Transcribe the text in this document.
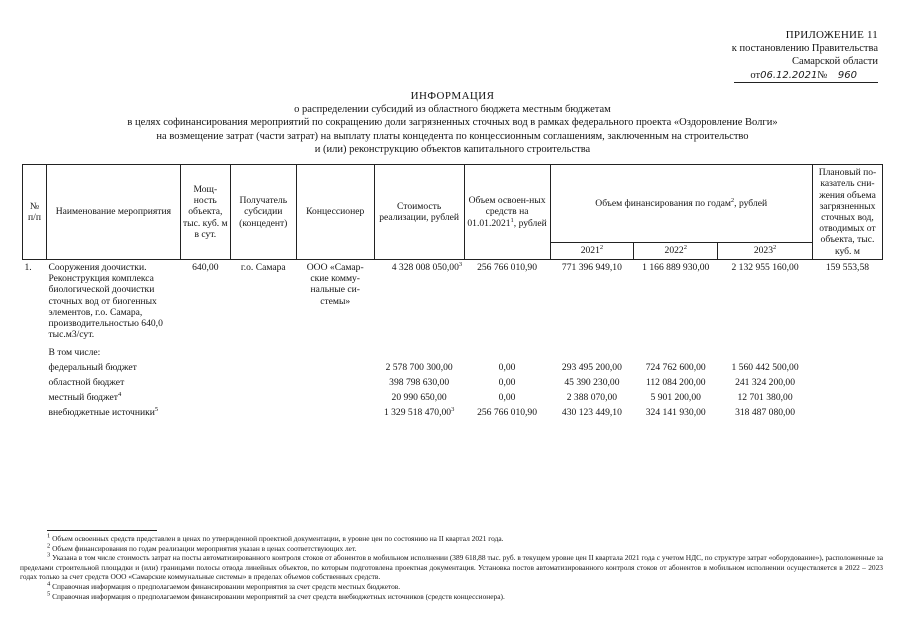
ПРИЛОЖЕНИЕ 11
к постановлению Правительства
Самарской области
от06.12.2021№ 960
ИНФОРМАЦИЯ
о распределении субсидий из областного бюджета местным бюджетам
в целях софинансирования мероприятий по сокращению доли загрязненных сточных вод в рамках федерального проекта «Оздоровление Волги»
на возмещение затрат (части затрат) на выплату платы концедента по концессионным соглашениям, заключенным на строительство
и (или) реконструкцию объектов капитального строительства
№ п/п	Наименование мероприятия	Мощ-ность объекта, тыс. куб. м в сут.	Получатель субсидии (концедент)	Концессионер	Стоимость реализации, рублей	Объем освоен-ных средств на 01.01.2021$^1$, рублей	Объем финансирования по годам$^2$, рублей			Плановый по-казатель сни-жения объема загрязненных сточных вод, отводимых от объекта, тыс. куб. м
							2021$^2$	2022$^2$	2023$^2$
1.	Сооружения доочистки. Реконструкция комплекса биологической доочистки сточных вод от биогенных элементов, г.о. Самара, производительностью 640,0 тыс.м3/сут.	640,00	г.о. Самара	ООО «Самар-ские комму-нальные си-стемы»	4 328 008 050,00$^3$	256 766 010,90	771 396 949,10	1 166 889 930,00	2 132 955 160,00	159 553,58
	В том числе:									
	федеральный бюджет				2 578 700 300,00	0,00	293 495 200,00	724 762 600,00	1 560 442 500,00	
	областной бюджет				398 798 630,00	0,00	45 390 230,00	112 084 200,00	241 324 200,00	
	местный бюджет$^4$				20 990 650,00	0,00	2 388 070,00	5 901 200,00	12 701 380,00	
	внебюджетные источники$^5$				1 329 518 470,00$^3$	256 766 010,90	430 123 449,10	324 141 930,00	318 487 080,00	

$^1$ Объем освоенных средств представлен в ценах по утвержденной проектной документации, в уровне цен по состоянию на II квартал 2021 года.

$^2$ Объем финансирования по годам реализации мероприятия указан в ценах соответствующих лет.

$^3$ Указана в том числе стоимость затрат на посты автоматизированного контроля стоков от абонентов в мобильном исполнении (389 618,88 тыс. руб. в текущем уровне цен II квартала 2021 года с учетом НДС, по структуре затрат «оборудование»), расположенные за пределами строительной площадки и (или) границами полосы отвода линейных объектов, по которым подготовлена проектная документация. Установка постов автоматизированного контроля стоков от абонентов в мобильном исполнении осуществляется в 2022 – 2023 годах только за счет средств ООО «Самарские коммунальные системы» в пределах объемов собственных средств.

$^4$ Справочная информация о предполагаемом финансировании мероприятия за счет средств местных бюджетов.

$^5$ Справочная информация о предполагаемом финансировании мероприятий за счет средств внебюджетных источников (средств концессионера).
